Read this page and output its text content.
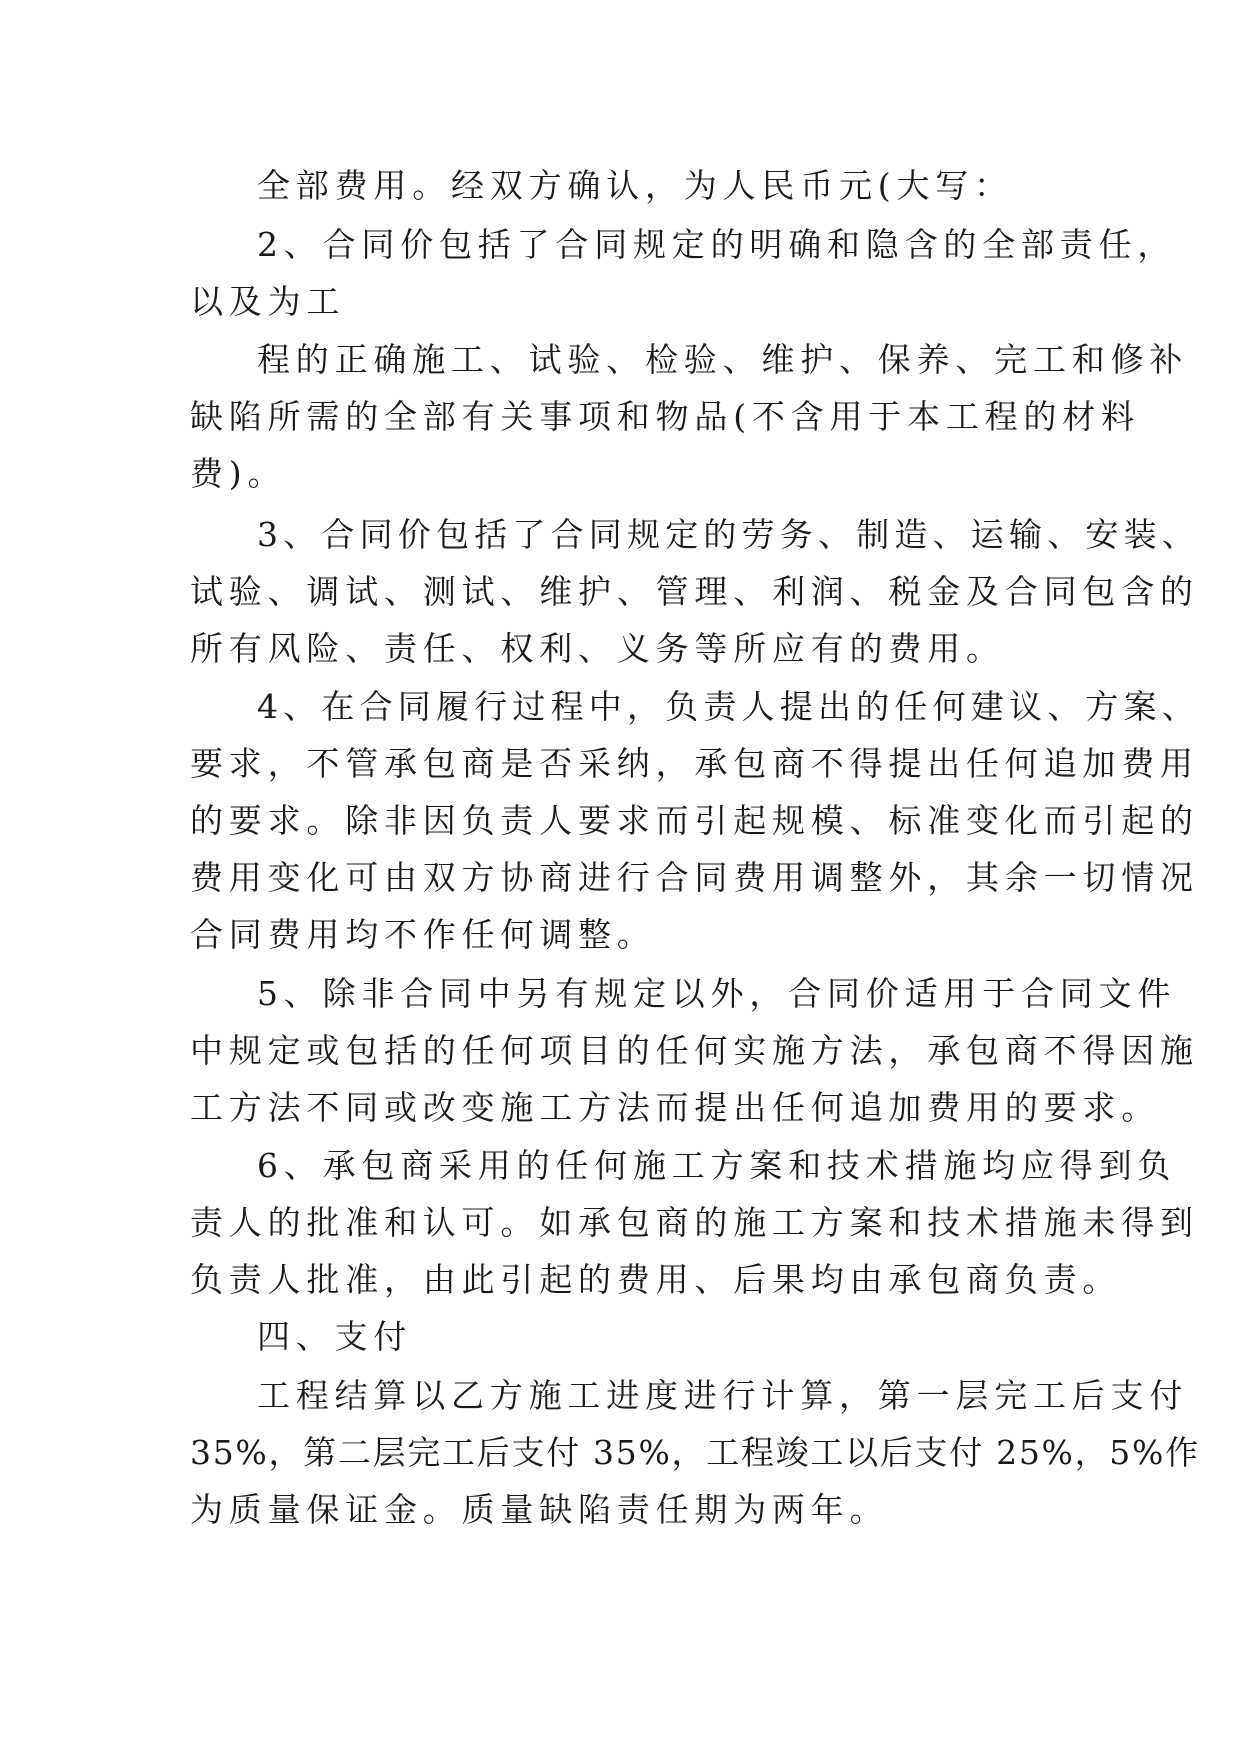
全部费用。经双方确认，为人民币元(大写：
2、合同价包括了合同规定的明确和隐含的全部责任，
以及为工
程的正确施工、试验、检验、维护、保养、完工和修补
缺陷所需的全部有关事项和物品(不含用于本工程的材料
费)。
3、合同价包括了合同规定的劳务、制造、运输、安装、
试验、调试、测试、维护、管理、利润、税金及合同包含的
所有风险、责任、权利、义务等所应有的费用。
4、在合同履行过程中，负责人提出的任何建议、方案、
要求，不管承包商是否采纳，承包商不得提出任何追加费用
的要求。除非因负责人要求而引起规模、标准变化而引起的
费用变化可由双方协商进行合同费用调整外，其余一切情况
合同费用均不作任何调整。
5、除非合同中另有规定以外，合同价适用于合同文件
中规定或包括的任何项目的任何实施方法，承包商不得因施
工方法不同或改变施工方法而提出任何追加费用的要求。
6、承包商采用的任何施工方案和技术措施均应得到负
责人的批准和认可。如承包商的施工方案和技术措施未得到
负责人批准，由此引起的费用、后果均由承包商负责。
四、支付
工程结算以乙方施工进度进行计算，第一层完工后支付
35%，第二层完工后支付 35%，工程竣工以后支付 25%，5%作
为质量保证金。质量缺陷责任期为两年。
